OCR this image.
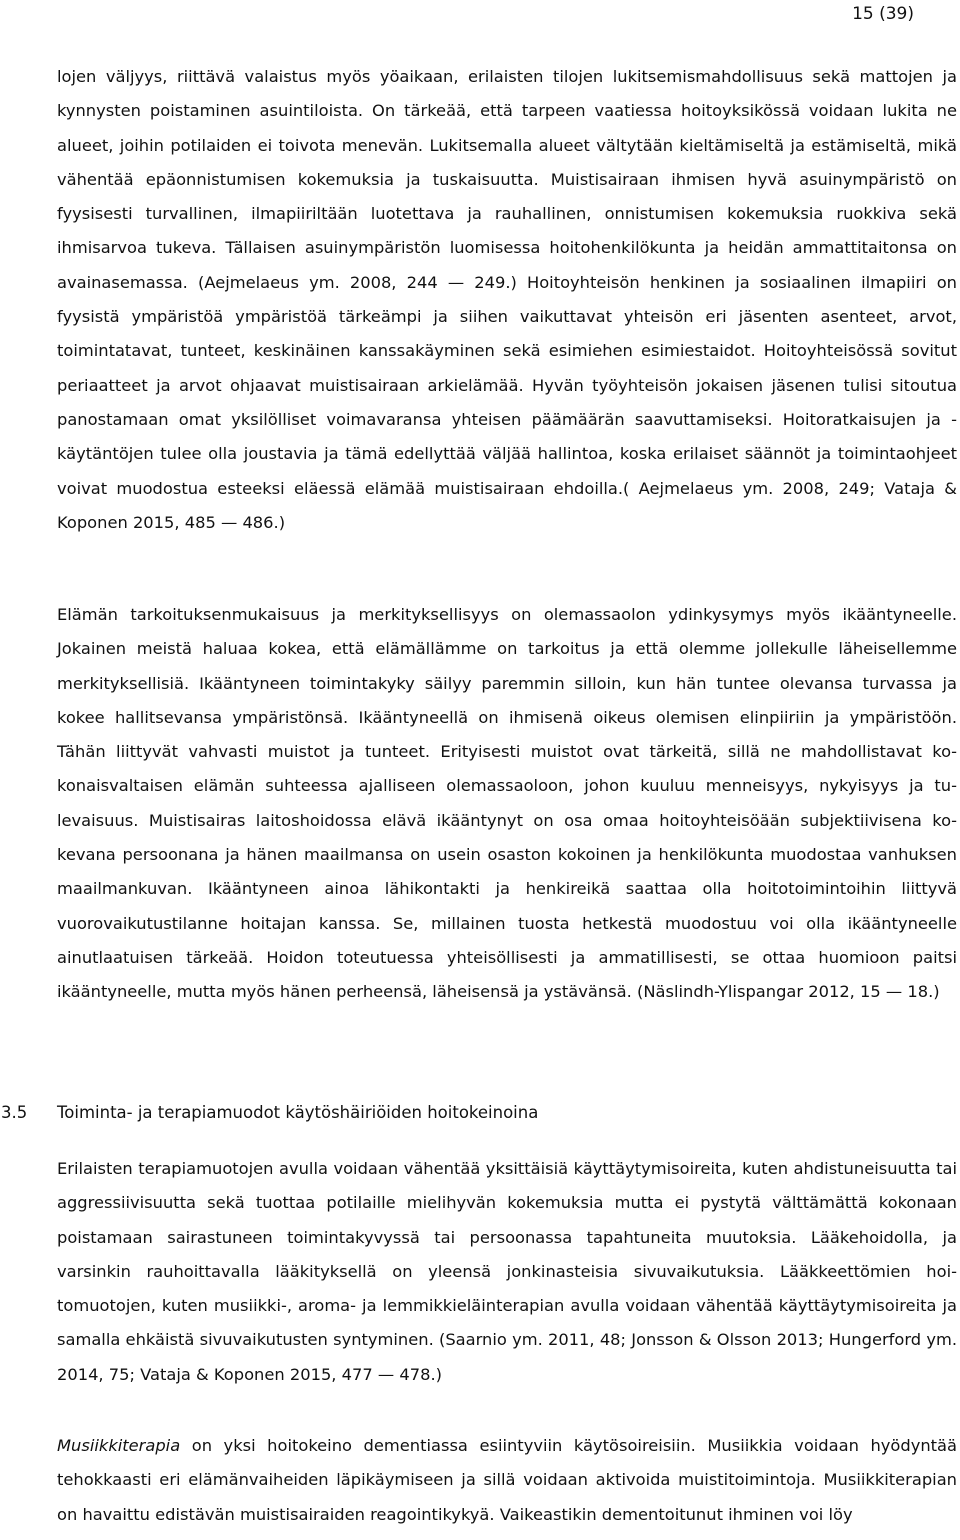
15 (39)

lojen väljyys, riittävä valaistus myös yöaikaan, erilaisten tilojen lukitsemismahdollisuus sekä mattojen ja kynnysten poistaminen asuintiloista. On tärkeää, että tarpeen vaatiessa hoitoyksikössä voidaan lukita ne alueet, joihin potilaiden ei toivota menevän. Lukitsemalla alueet vältytään kieltämiseltä ja estämiseltä, mikä vähentää epäonnistumisen kokemuksia ja tuskaisuutta. Muistisairaan ihmisen hyvä asuinympäristö on fyysisesti turvallinen, ilmapiiriltään luotettava ja rauhallinen, onnistumisen kokemuksia ruokkiva sekä ihmisarvoa tukeva. Tällaisen asuinympäristön luomisessa hoitohenkilökunta ja heidän ammattitaitonsa on avainasemassa. (Aejmelaeus ym. 2008, 244 — 249.) Hoitoyhteisön henkinen ja sosiaalinen ilmapiiri on fyysistä ympäristöä ympäristöä tärkeämpi ja siihen vaikuttavat yhteisön eri jäsenten asenteet, arvot, toimintatavat, tunteet, keskinäinen kanssakäyminen sekä esimiehen esimiestaidot. Hoitoyhteisössä sovitut periaatteet ja arvot ohjaavat muistisairaan arkielämää. Hyvän työyhteisön jokaisen jäsenen tulisi sitoutua panostamaan omat yksilölliset voimavaransa yhteisen päämäärän saavuttamiseksi. Hoitoratkaisujen ja -käytäntöjen tulee olla joustavia ja tämä edellyttää väljää hallintoa, koska erilaiset säännöt ja toimintaohjeet voivat muodostua esteeksi eläessä elämää muistisairaan ehdoilla.( Aejmelaeus ym. 2008, 249; Vataja & Koponen 2015, 485 — 486.)

Elämän tarkoituksenmukaisuus ja merkityksellisyys on olemassaolon ydinkysymys myös ikääntyneelle. Jokainen meistä haluaa kokea, että elämällämme on tarkoitus ja että olemme jollekulle läheisellemme merkityksellisiä. Ikääntyneen toimintakyky säilyy paremmin silloin, kun hän tuntee olevansa turvassa ja kokee hallitsevansa ympäristönsä. Ikääntyneellä on ihmisenä oikeus olemisen elinpiiriin ja ympäristöön. Tähän liittyvät vahvasti muistot ja tunteet. Erityisesti muistot ovat tärkeitä, sillä ne mahdollistavat kokonaisvaltaisen elämän suhteessa ajalliseen olemassaoloon, johon kuuluu menneisyys, nykyisyys ja tulevaisuus. Muistisairas laitoshoidossa elävä ikääntynyt on osa omaa hoitoyhteisöään subjektiivisena kokevana persoonana ja hänen maailmansa on usein osaston kokoinen ja henkilökunta muodostaa vanhuksen maailmankuvan. Ikääntyneen ainoa lähikontakti ja henkireikä saattaa olla hoitotoimintoihin liittyvä vuorovaikutustilanne hoitajan kanssa. Se, millainen tuosta hetkestä muodostuu voi olla ikääntyneelle ainutlaatuisen tärkeää. Hoidon toteutuessa yhteisöllisesti ja ammatillisesti, se ottaa huomioon paitsi ikääntyneelle, mutta myös hänen perheensä, läheisensä ja ystävänsä. (Näslindh-Ylispangar 2012, 15 — 18.)

3.5 Toiminta- ja terapiamuodot käytöshäiriöiden hoitokeinoina

Erilaisten terapiamuotojen avulla voidaan vähentää yksittäisiä käyttäytymisoireita, kuten ahdistuneisuutta tai aggressiivisuutta sekä tuottaa potilaille mielihyvän kokemuksia mutta ei pystytä välttämättä kokonaan poistamaan sairastuneen toimintakyvyssä tai persoonassa tapahtuneita muutoksia. Lääkehoidolla, ja varsinkin rauhoittavalla lääkityksellä on yleensä jonkinasteisia sivuvaikutuksia. Lääkkeettömien hoitomuotojen, kuten musiikki-, aroma- ja lemmikkieläinterapian avulla voidaan vähentää käyttäytymisoireita ja samalla ehkäistä sivuvaikutusten syntyminen. (Saarnio ym. 2011, 48; Jonsson & Olsson 2013; Hungerford ym. 2014, 75; Vataja & Koponen 2015, 477 — 478.)

Musiikkiterapia on yksi hoitokeino dementiassa esiintyviin käytösoireisiin. Musiikkia voidaan hyödyntää tehokkaasti eri elämänvaiheiden läpikäymiseen ja sillä voidaan aktivoida muistitoimintoja. Musiikkiterapian on havaittu edistävän muistisairaiden reagointikykyä. Vaikeastikin dementoitunut ihminen voi löy
